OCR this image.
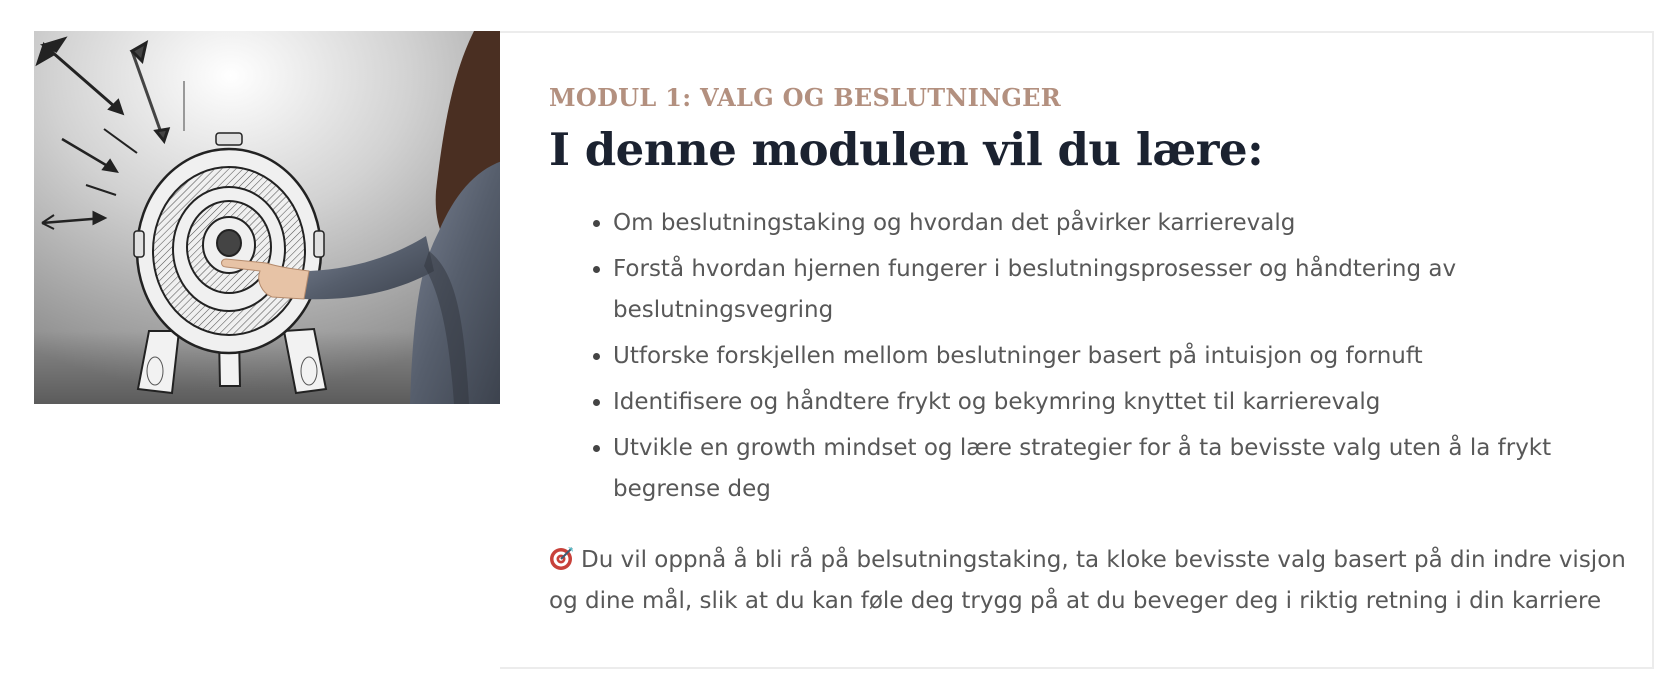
MODUL 1: VALG OG BESLUTNINGER
I denne modulen vil du lære:
• Om beslutningstaking og hvordan det påvirker karrierevalg
• Forstå hvordan hjernen fungerer i beslutningsprosesser og håndtering av beslutningsvegring
• Utforske forskjellen mellom beslutninger basert på intuisjon og fornuft
• Identifisere og håndtere frykt og bekymring knyttet til karrierevalg
• Utvikle en growth mindset og lære strategier for å ta bevisste valg uten å la frykt begrense deg

Du vil oppnå å bli rå på belsutningstaking, ta kloke bevisste valg basert på din indre visjon og dine mål, slik at du kan føle deg trygg på at du beveger deg i riktig retning i din karriere
